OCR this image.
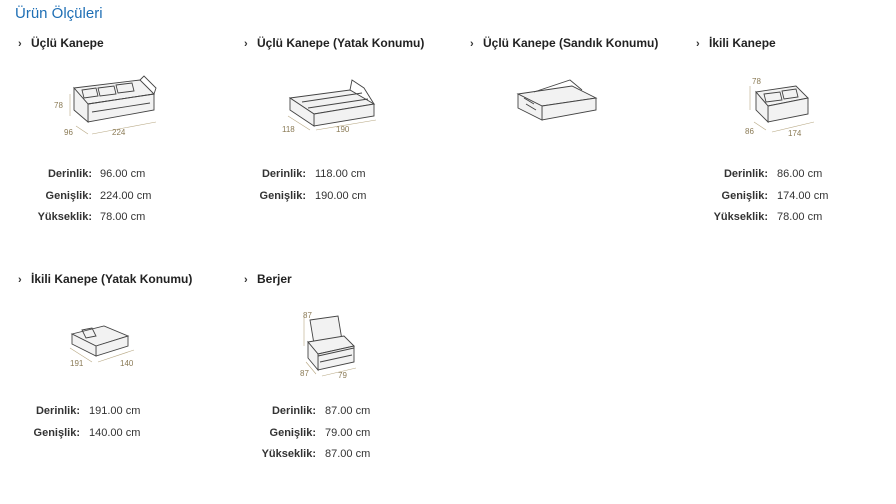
Ürün Ölçüleri
› Üçlü Kanepe
78
96	224
Derinlik: 96.00 cm
Genişlik: 224.00 cm
Yükseklik: 78.00 cm
› Üçlü Kanepe (Yatak Konumu)
118	190
Derinlik: 118.00 cm
Genişlik: 190.00 cm
› Üçlü Kanepe (Sandık Konumu)	› İkili Kanepe
78
86	174
Derinlik: 86.00 cm
Genişlik: 174.00 cm
Yükseklik: 78.00 cm
› İkili Kanepe (Yatak Konumu)
191	140
Derinlik: 191.00 cm
Genişlik: 140.00 cm
› Berjer
87
87	79
Derinlik: 87.00 cm
Genişlik: 79.00 cm
Yükseklik: 87.00 cm
